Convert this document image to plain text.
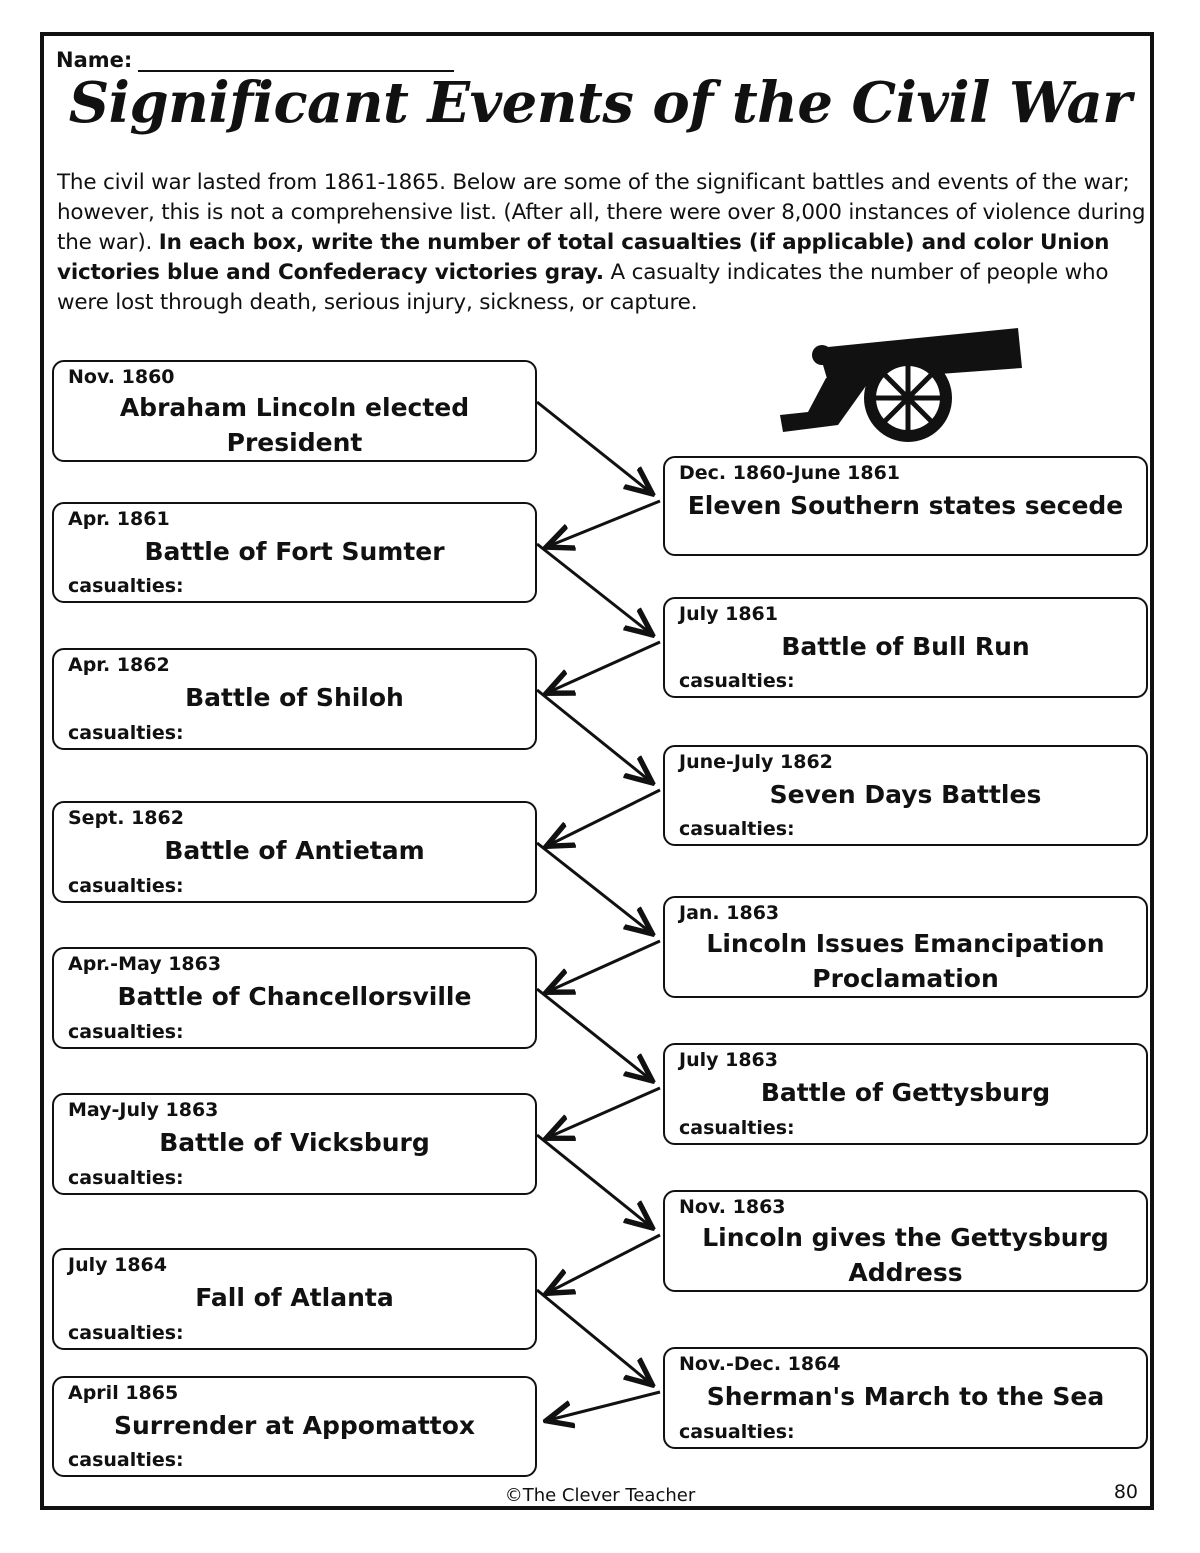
Name:
Significant Events of the Civil War
The civil war lasted from 1861-1865. Below are some of the significant battles and events of the war; however, this is not a comprehensive list. (After all, there were over 8,000 instances of violence during the war). In each box, write the number of total casualties (if applicable) and color Union victories blue and Confederacy victories gray. A casualty indicates the number of people who were lost through death, serious injury, sickness, or capture.
Nov. 1860
Abraham Lincoln elected
President
Dec. 1860-June 1861
Eleven Southern states secede
Apr. 1861
Battle of Fort Sumter
casualties:
July 1861
Battle of Bull Run
casualties:
Apr. 1862
Battle of Shiloh
casualties:
June-July 1862
Seven Days Battles
casualties:
Sept. 1862
Battle of Antietam
casualties:
Jan. 1863
Lincoln Issues Emancipation
Proclamation
Apr.-May 1863
Battle of Chancellorsville
casualties:
July 1863
Battle of Gettysburg
casualties:
May-July 1863
Battle of Vicksburg
casualties:
Nov. 1863
Lincoln gives the Gettysburg
Address
July 1864
Fall of Atlanta
casualties:
Nov.-Dec. 1864
Sherman's March to the Sea
casualties:
April 1865
Surrender at Appomattox
casualties:
©The Clever Teacher	80
